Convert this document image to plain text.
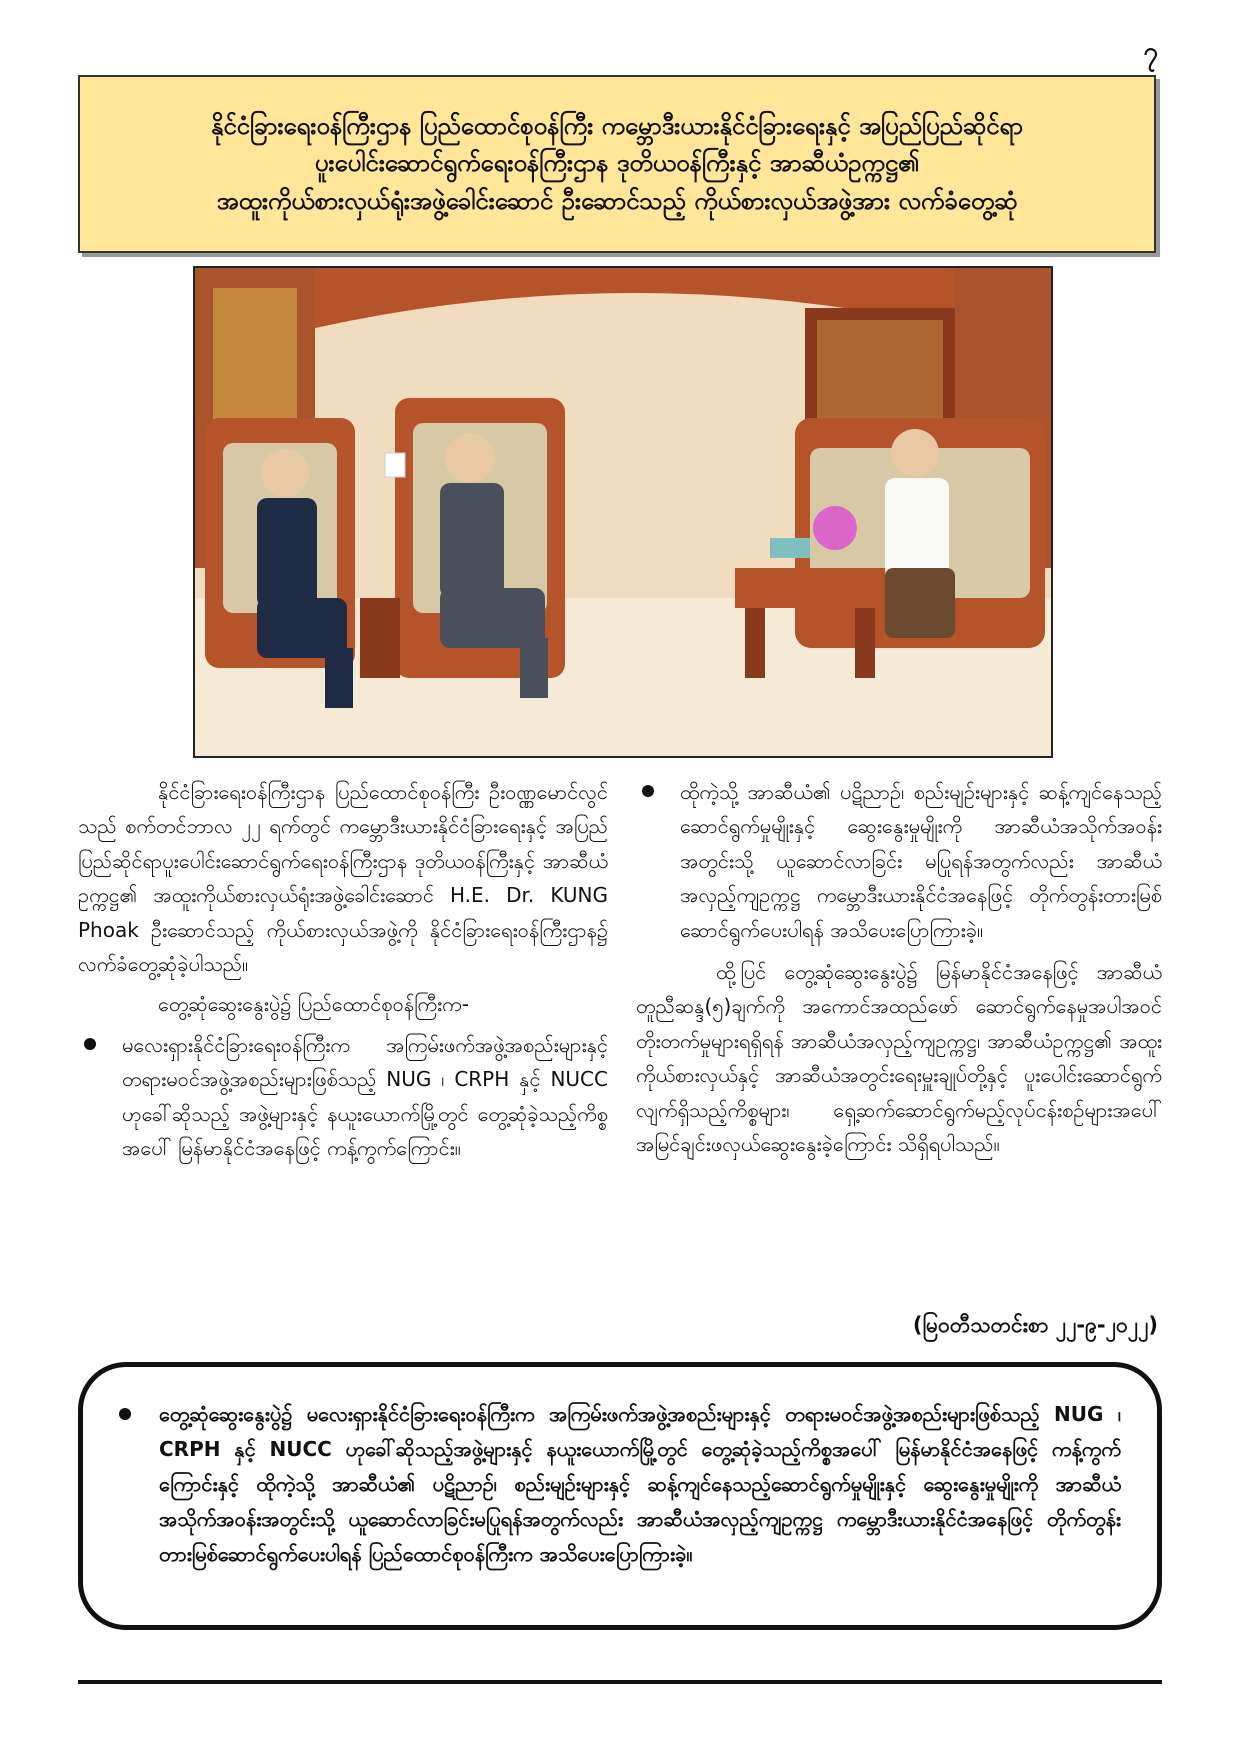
၇
နိုင်ငံခြားရေးဝန်ကြီးဌာန ပြည်ထောင်စုဝန်ကြီး ကမ္ဘောဒီးယားနိုင်ငံခြားရေးနှင့် အပြည်ပြည်ဆိုင်ရာ
ပူးပေါင်းဆောင်ရွက်ရေးဝန်ကြီးဌာန ဒုတိယဝန်ကြီးနှင့် အာဆီယံဥက္ကဋ္ဌ၏
အထူးကိုယ်စားလှယ်ရုံးအဖွဲ့ခေါင်းဆောင် ဦးဆောင်သည့် ကိုယ်စားလှယ်အဖွဲ့အား လက်ခံတွေ့ဆုံ

နိုင်ငံခြားရေးဝန်ကြီးဌာန ပြည်ထောင်စုဝန်ကြီး ဦးဝဏ္ဏမောင်လွင်သည် စက်တင်ဘာလ ၂၂ ရက်တွင် ကမ္ဘောဒီးယားနိုင်ငံခြားရေးနှင့် အပြည်ပြည်ဆိုင်ရာပူးပေါင်းဆောင်ရွက်ရေးဝန်ကြီးဌာန ဒုတိယဝန်ကြီးနှင့် အာဆီယံဥက္ကဋ္ဌ၏ အထူးကိုယ်စားလှယ်ရုံးအဖွဲ့ခေါင်းဆောင် H.E. Dr. KUNG Phoak ဦးဆောင်သည့် ကိုယ်စားလှယ်အဖွဲ့ကို နိုင်ငံခြားရေးဝန်ကြီးဌာန၌ လက်ခံတွေ့ဆုံခဲ့ပါသည်။

တွေ့ဆုံဆွေးနွေးပွဲ၌ ပြည်ထောင်စုဝန်ကြီးက-

မလေးရှားနိုင်ငံခြားရေးဝန်ကြီးက အကြမ်းဖက်အဖွဲ့အစည်းများနှင့် တရားမဝင်အဖွဲ့အစည်းများဖြစ်သည့် NUG ၊ CRPH နှင့် NUCC ဟုခေါ်ဆိုသည့် အဖွဲ့များနှင့် နယူးယောက်မြို့တွင် တွေ့ဆုံခဲ့သည့်ကိစ္စအပေါ် မြန်မာနိုင်ငံအနေဖြင့် ကန့်ကွက်ကြောင်း။
ထိုကဲ့သို့ အာဆီယံ၏ ပဋိညာဉ်၊ စည်းမျဉ်းများနှင့် ဆန့်ကျင်နေသည့် ဆောင်ရွက်မှုမျိုးနှင့် ဆွေးနွေးမှုမျိုးကို အာဆီယံအသိုက်အဝန်းအတွင်းသို့ ယူဆောင်လာခြင်း မပြုရန်အတွက်လည်း အာဆီယံအလှည့်ကျဥက္ကဋ္ဌ ကမ္ဘောဒီးယားနိုင်ငံအနေဖြင့် တိုက်တွန်းတားမြစ်ဆောင်ရွက်ပေးပါရန် အသိပေးပြောကြားခဲ့။

ထို့ပြင် တွေ့ဆုံဆွေးနွေးပွဲ၌ မြန်မာနိုင်ငံအနေဖြင့် အာဆီယံတူညီဆန္ဒ(၅)ချက်ကို အကောင်အထည်ဖော် ဆောင်ရွက်နေမှုအပါအဝင် တိုးတက်မှုများရရှိရန် အာဆီယံအလှည့်ကျဥက္ကဋ္ဌ၊ အာဆီယံဥက္ကဋ္ဌ၏ အထူးကိုယ်စားလှယ်နှင့် အာဆီယံအတွင်းရေးမှူးချုပ်တို့နှင့် ပူးပေါင်းဆောင်ရွက်လျက်ရှိသည့်ကိစ္စများ၊ ရှေ့ဆက်ဆောင်ရွက်မည့်လုပ်ငန်းစဉ်များအပေါ် အမြင်ချင်းဖလှယ်ဆွေးနွေးခဲ့ကြောင်း သိရှိရပါသည်။

(မြဝတီသတင်းစာ ၂၂-၉-၂၀၂၂)
တွေ့ဆုံဆွေးနွေးပွဲ၌ မလေးရှားနိုင်ငံခြားရေးဝန်ကြီးက အကြမ်းဖက်အဖွဲ့အစည်းများနှင့် တရားမဝင်အဖွဲ့အစည်းများဖြစ်သည့် NUG ၊ CRPH နှင့် NUCC ဟုခေါ်ဆိုသည့်အဖွဲ့များနှင့် နယူးယောက်မြို့တွင် တွေ့ဆုံခဲ့သည့်ကိစ္စအပေါ် မြန်မာနိုင်ငံအနေဖြင့် ကန့်ကွက်ကြောင်းနှင့် ထိုကဲ့သို့ အာဆီယံ၏ ပဋိညာဉ်၊ စည်းမျဉ်းများနှင့် ဆန့်ကျင်နေသည့်ဆောင်ရွက်မှုမျိုးနှင့် ဆွေးနွေးမှုမျိုးကို အာဆီယံအသိုက်အဝန်းအတွင်းသို့ ယူဆောင်လာခြင်းမပြုရန်အတွက်လည်း အာဆီယံအလှည့်ကျဥက္ကဋ္ဌ ကမ္ဘောဒီးယားနိုင်ငံအနေဖြင့် တိုက်တွန်းတားမြစ်ဆောင်ရွက်ပေးပါရန် ပြည်ထောင်စုဝန်ကြီးက အသိပေးပြောကြားခဲ့။
